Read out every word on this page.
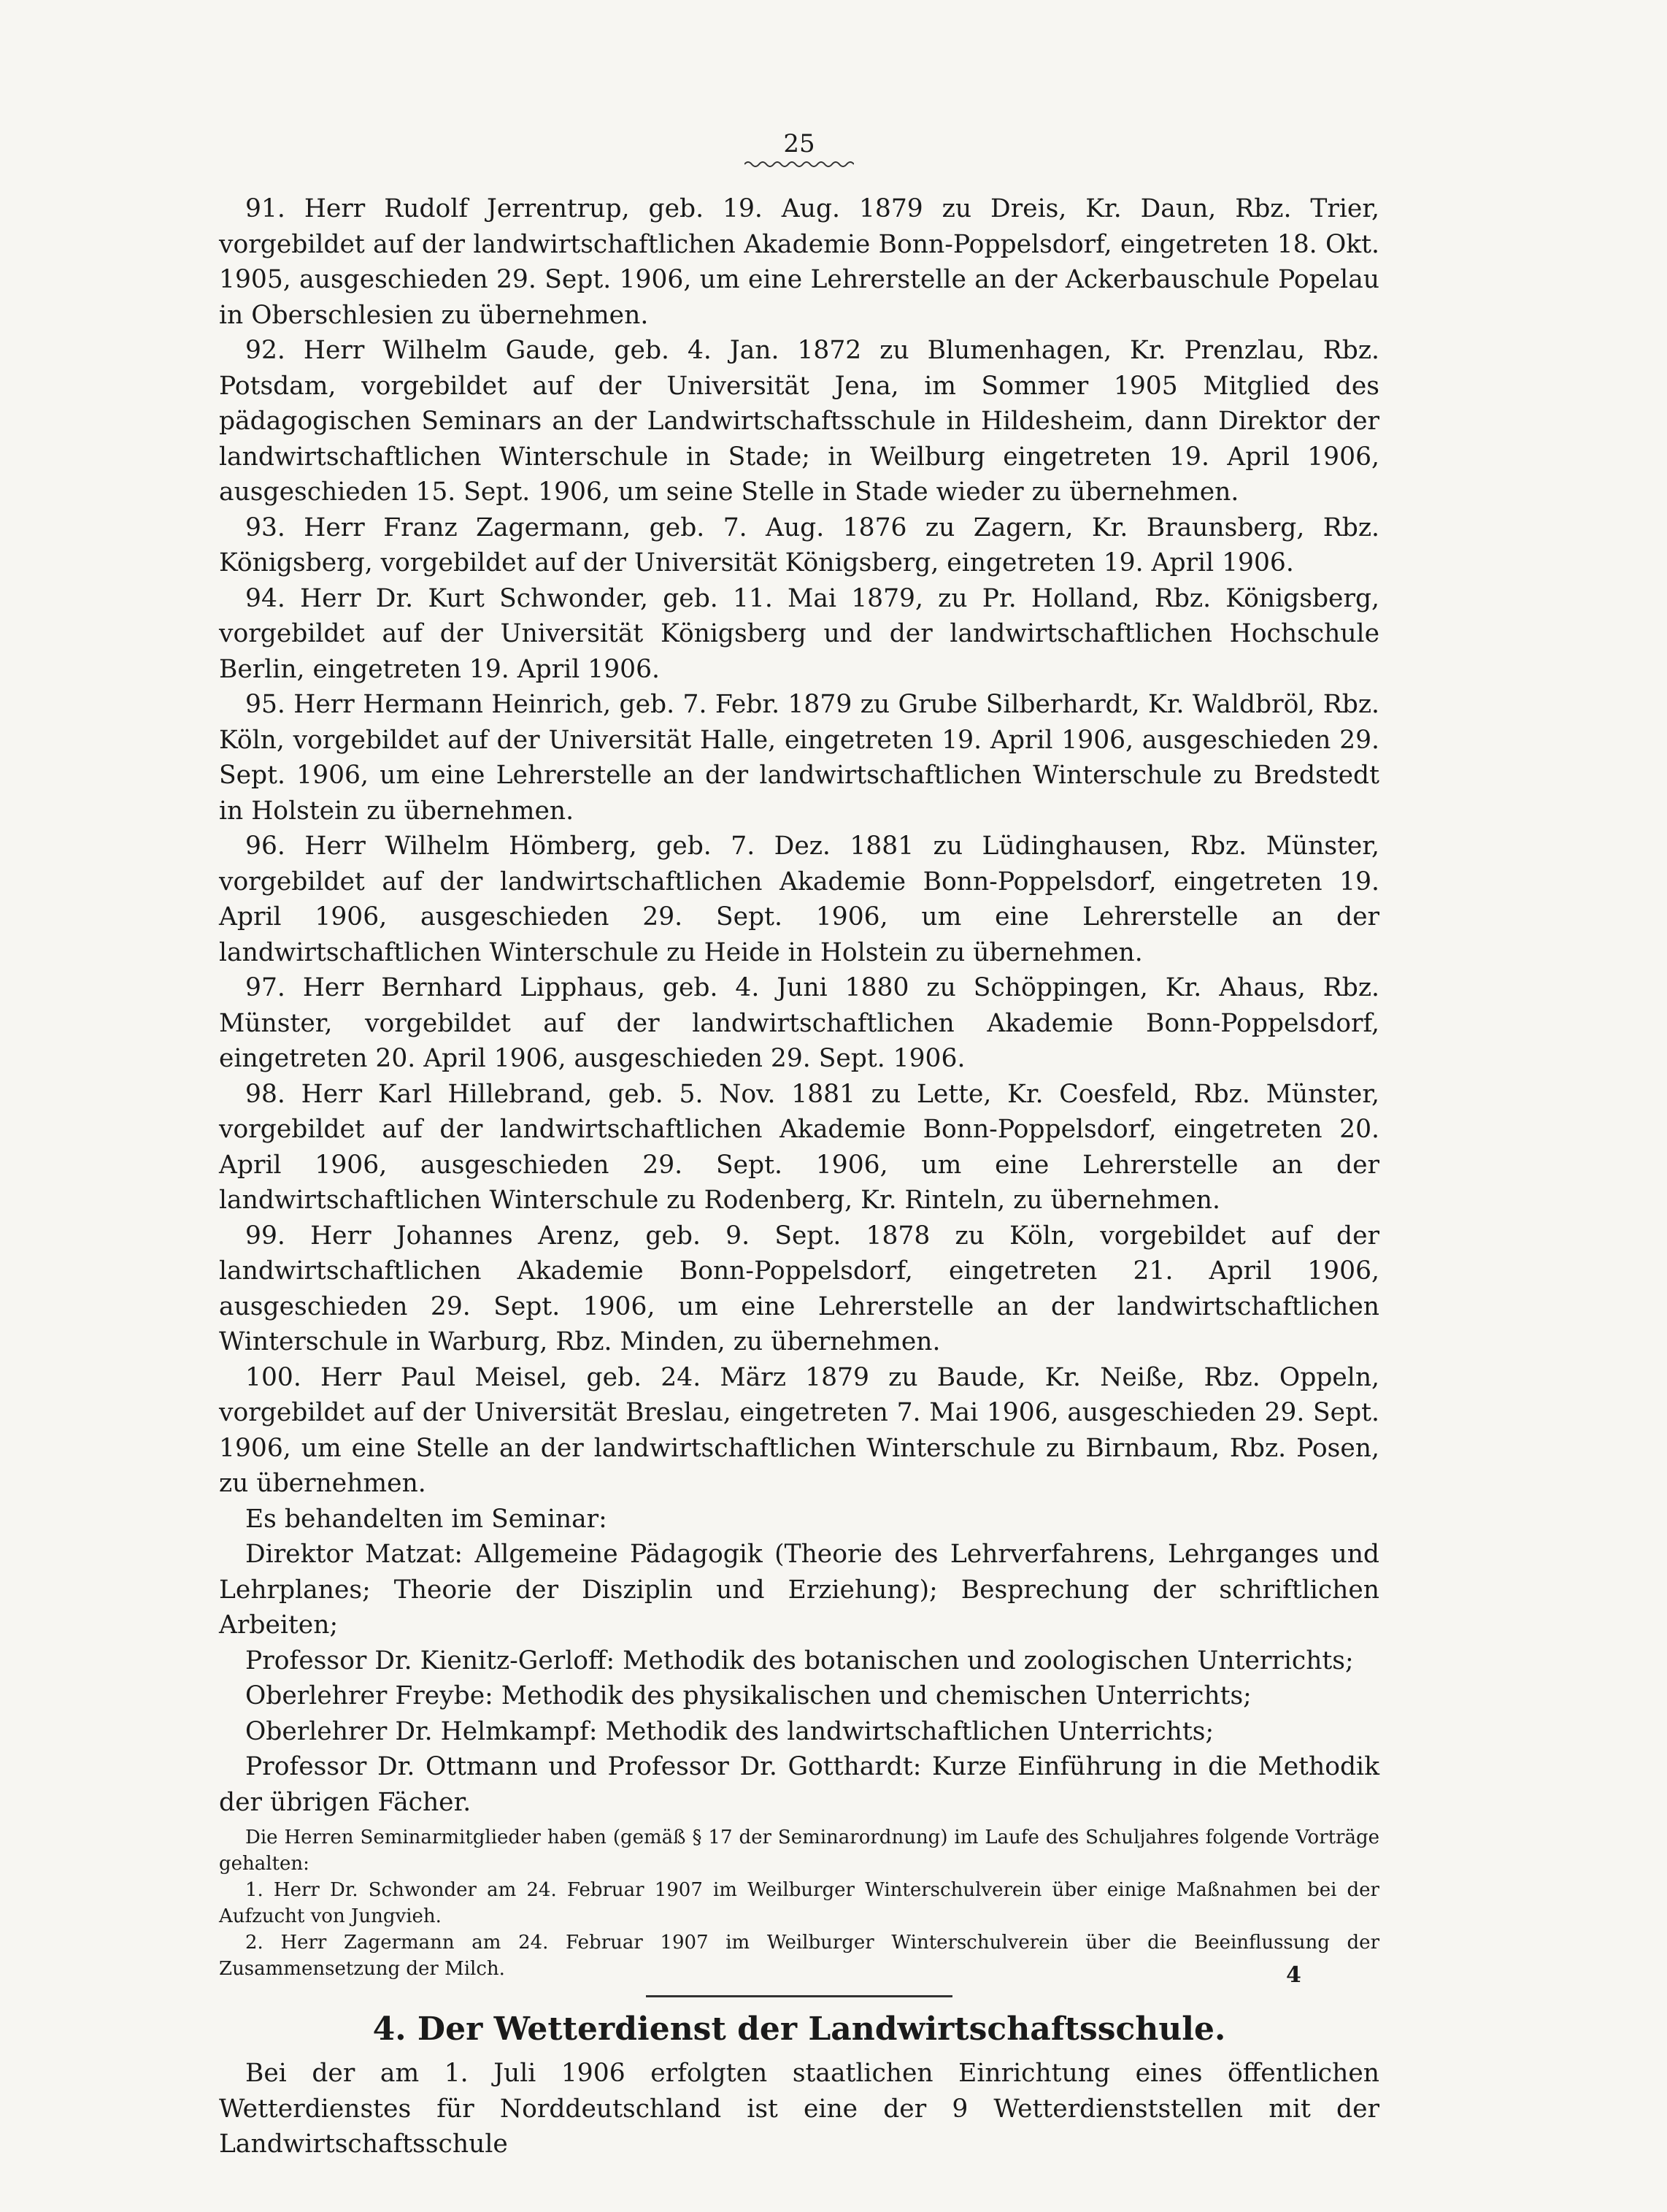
25

91. Herr Rudolf Jerrentrup, geb. 19. Aug. 1879 zu Dreis, Kr. Daun, Rbz. Trier, vorgebildet auf der landwirtschaftlichen Akademie Bonn-Poppelsdorf, eingetreten 18. Okt. 1905, ausgeschieden 29. Sept. 1906, um eine Lehrerstelle an der Ackerbauschule Popelau in Oberschlesien zu übernehmen.

92. Herr Wilhelm Gaude, geb. 4. Jan. 1872 zu Blumenhagen, Kr. Prenzlau, Rbz. Potsdam, vorgebildet auf der Universität Jena, im Sommer 1905 Mitglied des pädagogischen Seminars an der Landwirtschaftsschule in Hildesheim, dann Direktor der landwirtschaftlichen Winterschule in Stade; in Weilburg eingetreten 19. April 1906, ausgeschieden 15. Sept. 1906, um seine Stelle in Stade wieder zu übernehmen.

93. Herr Franz Zagermann, geb. 7. Aug. 1876 zu Zagern, Kr. Braunsberg, Rbz. Königsberg, vorgebildet auf der Universität Königsberg, eingetreten 19. April 1906.

94. Herr Dr. Kurt Schwonder, geb. 11. Mai 1879, zu Pr. Holland, Rbz. Königsberg, vorgebildet auf der Universität Königsberg und der landwirtschaftlichen Hochschule Berlin, eingetreten 19. April 1906.

95. Herr Hermann Heinrich, geb. 7. Febr. 1879 zu Grube Silberhardt, Kr. Waldbröl, Rbz. Köln, vorgebildet auf der Universität Halle, eingetreten 19. April 1906, ausgeschieden 29. Sept. 1906, um eine Lehrerstelle an der landwirtschaftlichen Winterschule zu Bredstedt in Holstein zu übernehmen.

96. Herr Wilhelm Hömberg, geb. 7. Dez. 1881 zu Lüdinghausen, Rbz. Münster, vorgebildet auf der landwirtschaftlichen Akademie Bonn-Poppelsdorf, eingetreten 19. April 1906, ausgeschieden 29. Sept. 1906, um eine Lehrerstelle an der landwirtschaftlichen Winterschule zu Heide in Holstein zu übernehmen.

97. Herr Bernhard Lipphaus, geb. 4. Juni 1880 zu Schöppingen, Kr. Ahaus, Rbz. Münster, vorgebildet auf der landwirtschaftlichen Akademie Bonn-Poppelsdorf, eingetreten 20. April 1906, ausgeschieden 29. Sept. 1906.

98. Herr Karl Hillebrand, geb. 5. Nov. 1881 zu Lette, Kr. Coesfeld, Rbz. Münster, vorgebildet auf der landwirtschaftlichen Akademie Bonn-Poppelsdorf, eingetreten 20. April 1906, ausgeschieden 29. Sept. 1906, um eine Lehrerstelle an der landwirtschaftlichen Winterschule zu Rodenberg, Kr. Rinteln, zu übernehmen.

99. Herr Johannes Arenz, geb. 9. Sept. 1878 zu Köln, vorgebildet auf der landwirtschaftlichen Akademie Bonn-Poppelsdorf, eingetreten 21. April 1906, ausgeschieden 29. Sept. 1906, um eine Lehrerstelle an der landwirtschaftlichen Winterschule in Warburg, Rbz. Minden, zu übernehmen.

100. Herr Paul Meisel, geb. 24. März 1879 zu Baude, Kr. Neiße, Rbz. Oppeln, vorgebildet auf der Universität Breslau, eingetreten 7. Mai 1906, ausgeschieden 29. Sept. 1906, um eine Stelle an der landwirtschaftlichen Winterschule zu Birnbaum, Rbz. Posen, zu übernehmen.

Es behandelten im Seminar:

Direktor Matzat: Allgemeine Pädagogik (Theorie des Lehrverfahrens, Lehrganges und Lehrplanes; Theorie der Disziplin und Erziehung); Besprechung der schriftlichen Arbeiten;

Professor Dr. Kienitz-Gerloff: Methodik des botanischen und zoologischen Unterrichts;

Oberlehrer Freybe: Methodik des physikalischen und chemischen Unterrichts;

Oberlehrer Dr. Helmkampf: Methodik des landwirtschaftlichen Unterrichts;

Professor Dr. Ottmann und Professor Dr. Gotthardt: Kurze Einführung in die Methodik der übrigen Fächer.

Die Herren Seminarmitglieder haben (gemäß § 17 der Seminarordnung) im Laufe des Schuljahres folgende Vorträge gehalten:

1. Herr Dr. Schwonder am 24. Februar 1907 im Weilburger Winterschulverein über einige Maßnahmen bei der Aufzucht von Jungvieh.

2. Herr Zagermann am 24. Februar 1907 im Weilburger Winterschulverein über die Beeinflussung der Zusammensetzung der Milch.

4. Der Wetterdienst der Landwirtschaftsschule.

Bei der am 1. Juli 1906 erfolgten staatlichen Einrichtung eines öffentlichen Wetterdienstes für Norddeutschland ist eine der 9 Wetterdienststellen mit der Landwirtschaftsschule

4
